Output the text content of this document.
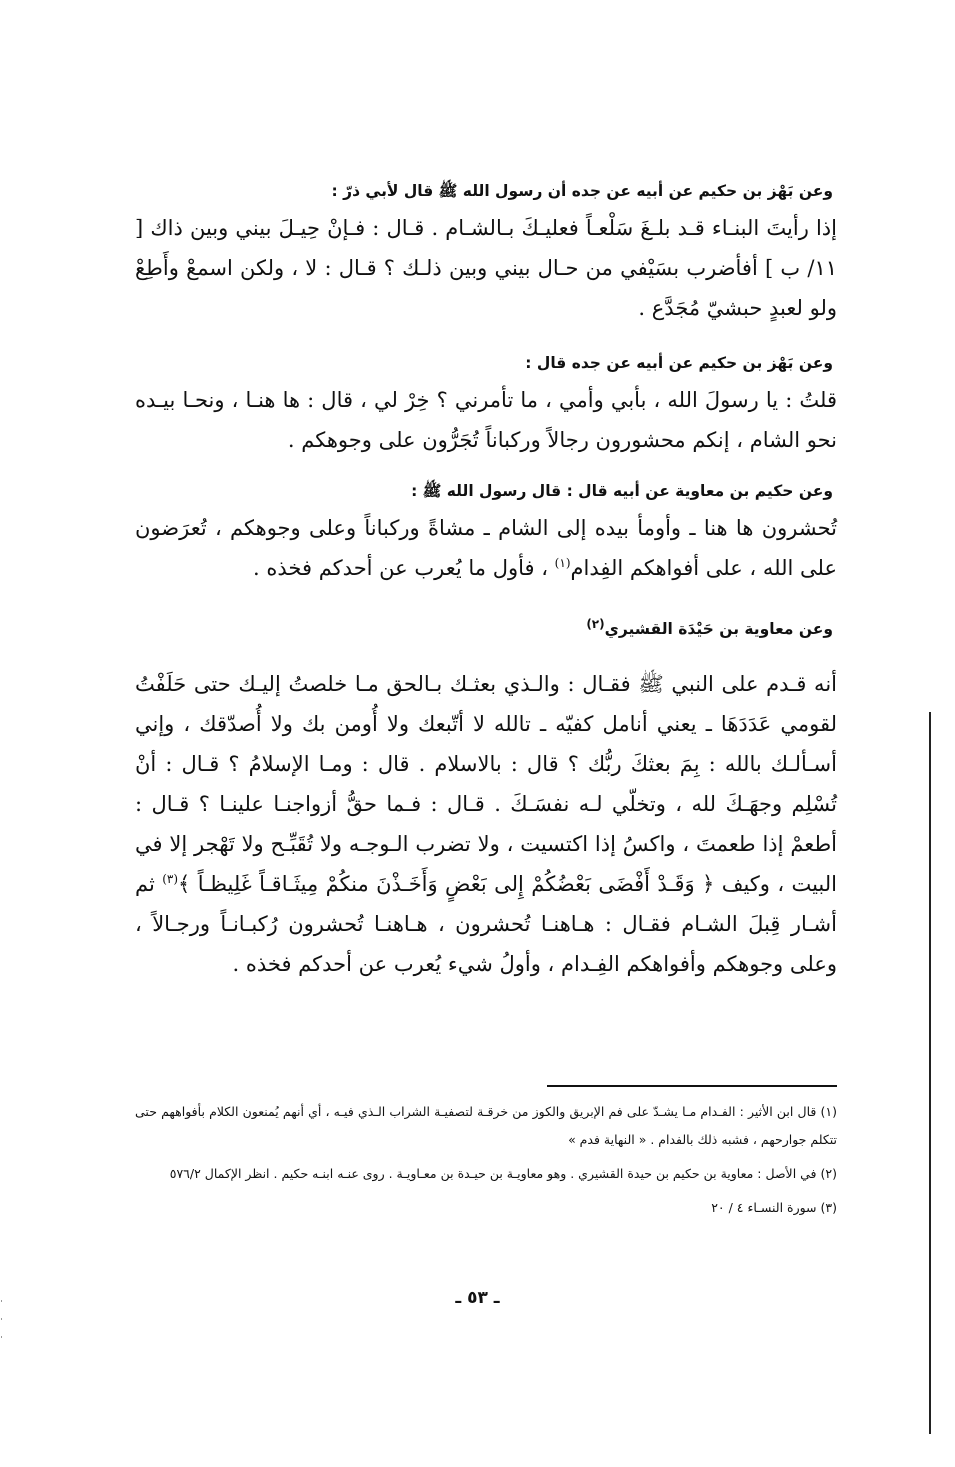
وعن بَهْز بن حكيم عن أبيه عن جده أن رسول الله ﷺ قال لأبي ذرّ :

إذا رأيتَ البنـاء قـد بلـغَ سَلْعـاً فعليـكَ بـالشـام . قـال : فـإنْ حِيـلَ بيني وبين ذاك [ ١١/ ب ] أفأضرب بسَيْفي من حـال بيني وبين ذلـك ؟ قـال : لا ، ولكن اسمعْ وأَطِعْ ولو لعبدٍ حبشيّ مُجَدَّع .

وعن بَهْز بن حكيم عن أبيه عن جده قال :

قلتُ : يا رسولَ الله ، بأبي وأمي ، ما تأمرني ؟ خِرْ لي ، قال : ها هنـا ، ونحـا بيـده نحو الشام ، إنكم محشورون رجالاً وركباناً تُجَرُّون على وجوهكم .

وعن حكيم بن معاوية عن أبيه قال : قال رسول الله ﷺ :

تُحشرون ها هنا ـ وأومأ بيده إلى الشام ـ مشاةً وركباناً وعلى وجوهكم ، تُعرَضون على الله ، على أفواهكم الفِدام$^{(١)}$ ، فأول ما يُعرب عن أحدكم فخذه .

وعن معاوية بن حَيْدَة القشيري$^{(٢)}$

أنه قـدم على النبي ﷺ فقـال : والـذي بعثـك بـالحق مـا خلصتُ إليـك حتى حَلَفْتُ لقومي عَدَدَهَا ـ يعني أنامل كفيّه ـ تالله لا أتّبعك ولا أُومن بك ولا أُصدّقك ، وإني أسـألـك بالله : بِمَ بعثكَ ربُّك ؟ قال : بالاسلام . قال : ومـا الإسلامُ ؟ قـال : أنْ تُسْلِم وجهَـكَ لله ، وتخلّي لـه نفسَـكَ . قـال : فـما حقُّ أزواجنـا علينـا ؟ قـال : أطعمْ إذا طعمتَ ، واكسُ إذا اكتسيت ، ولا تضرب الـوجـه ولا تُقَبِّـح ولا تَهْجر إلا في البيت ، وكيف ﴿ وَقَـدْ أَفْضَى بَعْضُكُمْ إِلى بَعْضٍ وَأَخَـذْنَ منكُمْ مِيثَـاقـاً غَلِيظـاً ﴾$^{(٣)}$ ثم أشـار قِبلَ الشـام فقـال : هـاهنـا تُحشرون ، هـاهنـا تُحشرون رُكبـانـاً ورجـالاً ، وعلى وجوهكم وأفواهكم الفِـدام ، وأولُ شيء يُعرب عن أحدكم فخذه .

(١) قال ابن الأثير : الفـدام مـا يشـدّ على فم الإبريق والكوز من خرقـة لتصفيـة الشراب الـذي فيـه ، أي أنهم يُمنعون الكلام بأفواههم حتى تتكلم جوارحهم ، فشبه ذلك بالفدام . « النهاية فدم »

(٢) في الأصل : معاوية بن حكيم بن حيدة القشيري . وهو معاويـة بن حيـدة بن معـاويـة . روى عنـه ابنـه حكيم . انظر الإكمال ٥٧٦/٢

(٣) سورة النسـاء ٤ / ٢٠

ـ ٥٣ ـ
